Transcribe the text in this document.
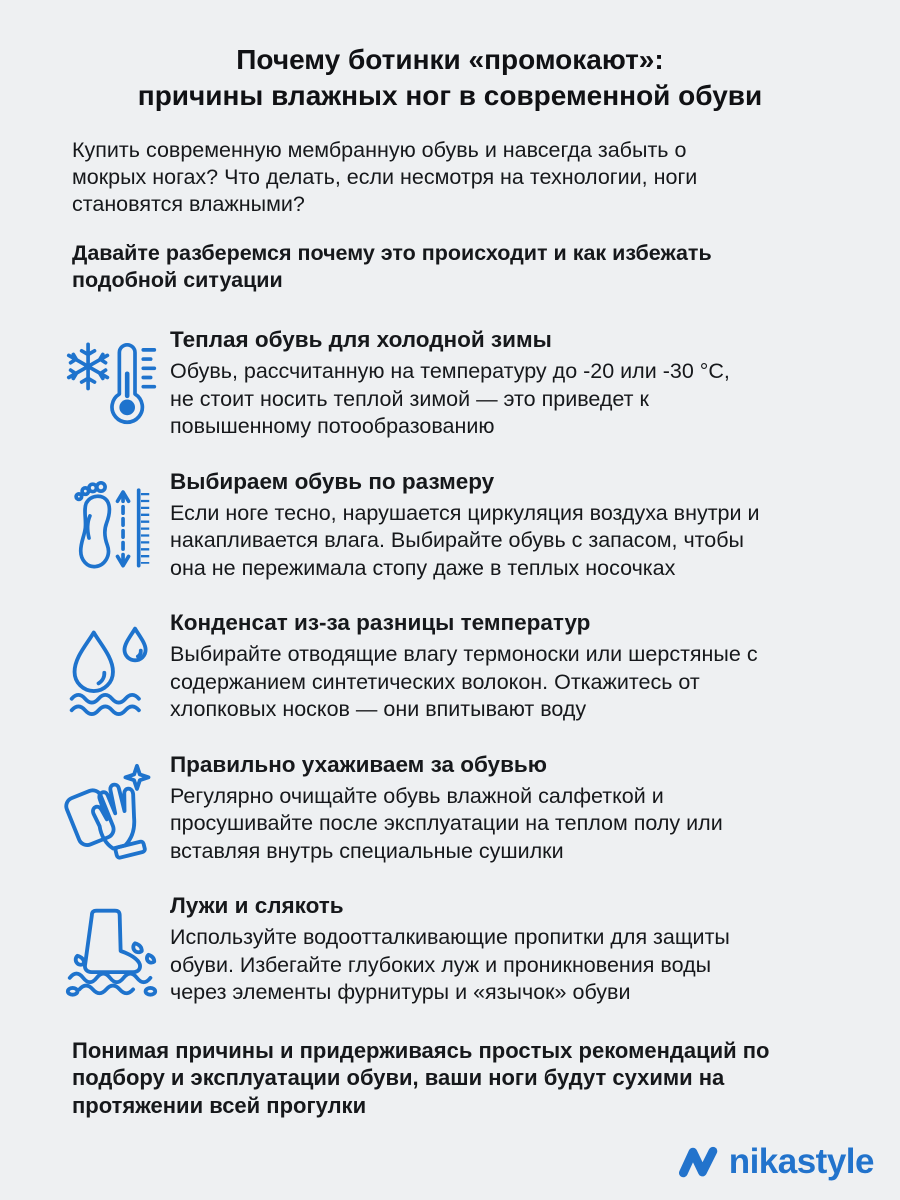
Почему ботинки «промокают»:
причины влажных ног в современной обуви
Купить современную мембранную обувь и навсегда забыть о
мокрых ногах? Что делать, если несмотря на технологии, ноги
становятся влажными?
Давайте разберемся почему это происходит и как избежать
подобной ситуации
Теплая обувь для холодной зимы
Обувь, рассчитанную на температуру до -20 или -30 °C,
не стоит носить теплой зимой — это приведет к
повышенному потообразованию
Выбираем обувь по размеру
Если ноге тесно, нарушается циркуляция воздуха внутри и
накапливается влага. Выбирайте обувь с запасом, чтобы
она не пережимала стопу даже в теплых носочках
Конденсат из-за разницы температур
Выбирайте отводящие влагу термоноски или шерстяные с
содержанием синтетических волокон. Откажитесь от
хлопковых носков — они впитывают воду
Правильно ухаживаем за обувью
Регулярно очищайте обувь влажной салфеткой и
просушивайте после эксплуатации на теплом полу или
вставляя внутрь специальные сушилки
Лужи и слякоть
Используйте водоотталкивающие пропитки для защиты
обуви. Избегайте глубоких луж и проникновения воды
через элементы фурнитуры и «язычок» обуви
Понимая причины и придерживаясь простых рекомендаций по
подбору и эксплуатации обуви, ваши ноги будут сухими на
протяжении всей прогулки
nikastyle
